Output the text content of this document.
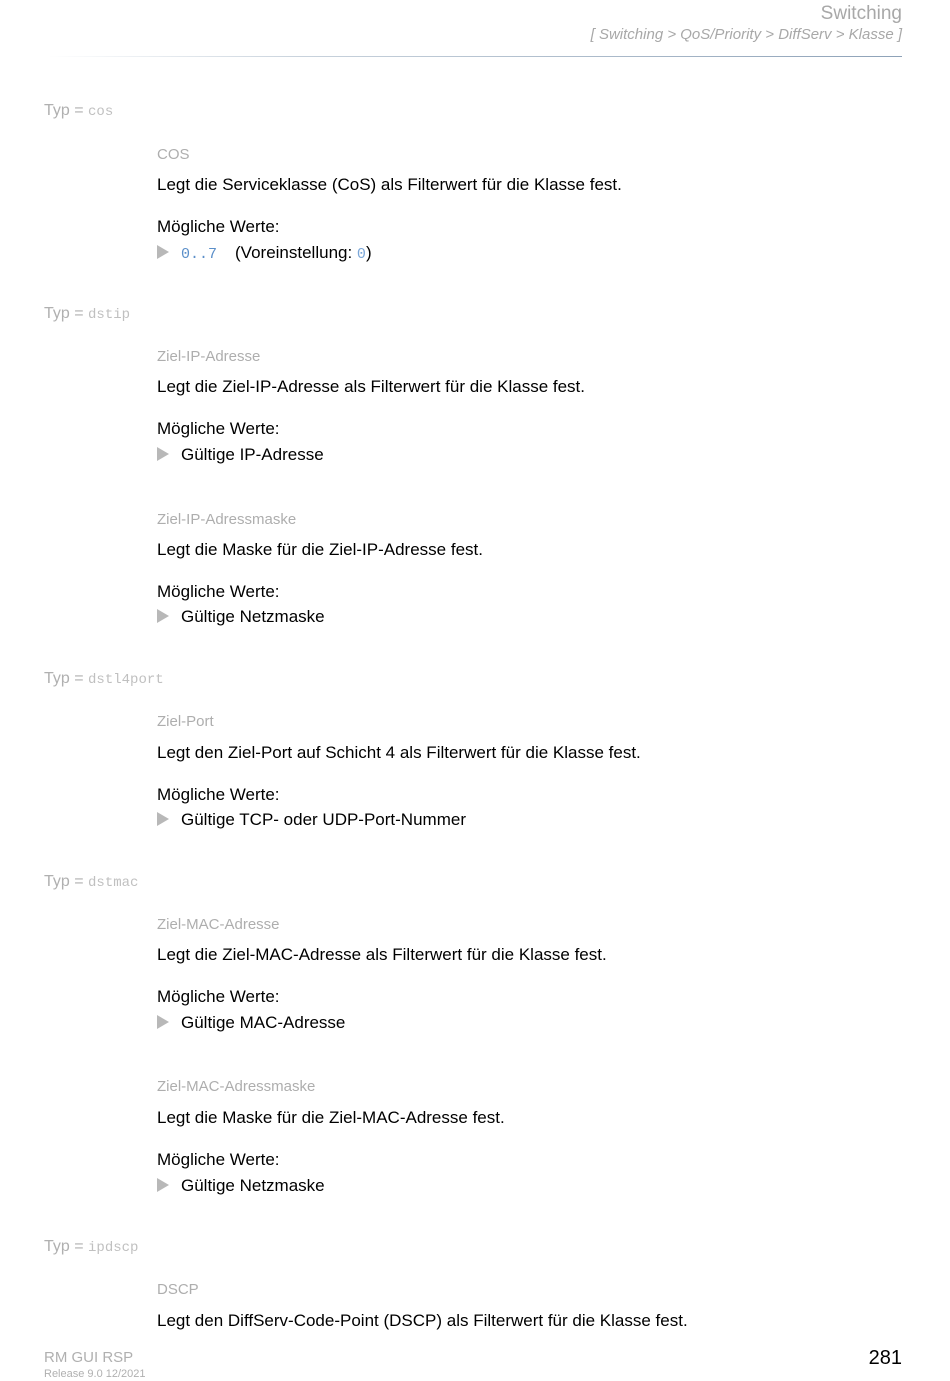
Switching
[ Switching > QoS/Priority > DiffServ > Klasse ]
Typ = cos
COS
Legt die Serviceklasse (CoS) als Filterwert für die Klasse fest.
Mögliche Werte:
0..7 (Voreinstellung: 0)
Typ = dstip
Ziel-IP-Adresse
Legt die Ziel-IP-Adresse als Filterwert für die Klasse fest.
Mögliche Werte:
Gültige IP-Adresse
Ziel-IP-Adressmaske
Legt die Maske für die Ziel-IP-Adresse fest.
Mögliche Werte:
Gültige Netzmaske
Typ = dstl4port
Ziel-Port
Legt den Ziel-Port auf Schicht 4 als Filterwert für die Klasse fest.
Mögliche Werte:
Gültige TCP- oder UDP-Port-Nummer
Typ = dstmac
Ziel-MAC-Adresse
Legt die Ziel-MAC-Adresse als Filterwert für die Klasse fest.
Mögliche Werte:
Gültige MAC-Adresse
Ziel-MAC-Adressmaske
Legt die Maske für die Ziel-MAC-Adresse fest.
Mögliche Werte:
Gültige Netzmaske
Typ = ipdscp
DSCP
Legt den DiffServ-Code-Point (DSCP) als Filterwert für die Klasse fest.
RM GUI RSP
Release 9.0 12/2021
281
